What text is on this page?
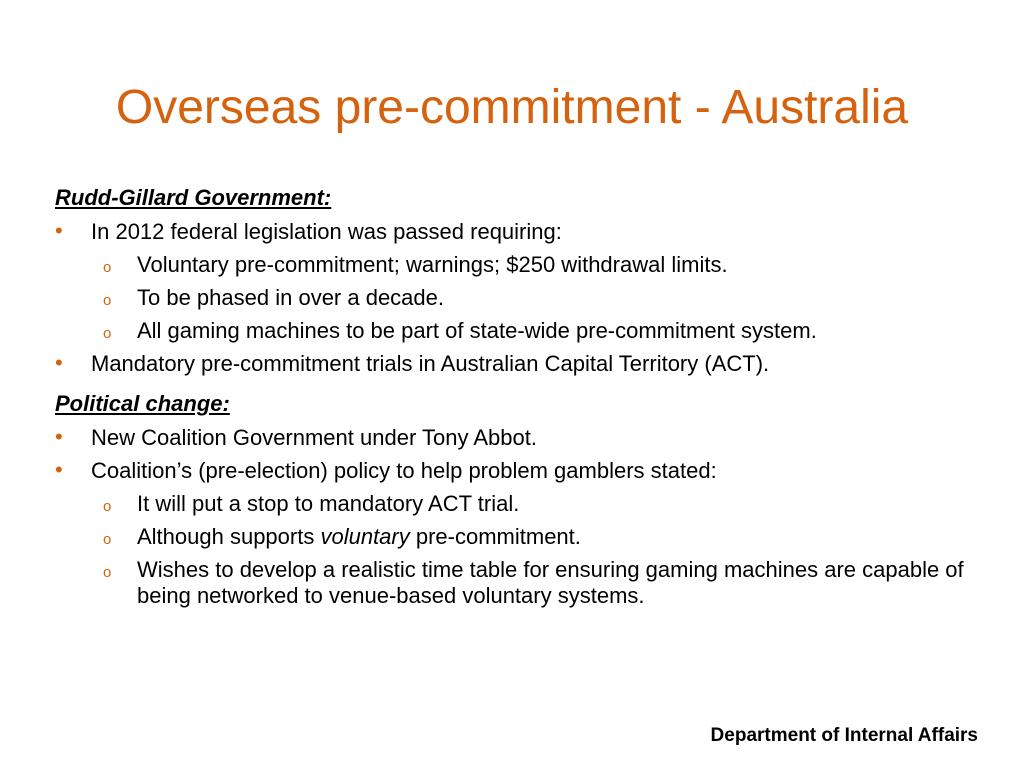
Overseas pre-commitment - Australia
Rudd-Gillard Government:
• In 2012 federal legislation was passed requiring:
o Voluntary pre-commitment; warnings; $250 withdrawal limits.
o To be phased in over a decade.
o All gaming machines to be part of state-wide pre-commitment system.
• Mandatory pre-commitment trials in Australian Capital Territory (ACT).
Political change:
• New Coalition Government under Tony Abbot.
• Coalition’s (pre-election) policy to help problem gamblers stated:
o It will put a stop to mandatory ACT trial.
o Although supports voluntary pre-commitment.
o Wishes to develop a realistic time table for ensuring gaming machines are capable of being networked to venue-based voluntary systems.
Department of Internal Affairs
